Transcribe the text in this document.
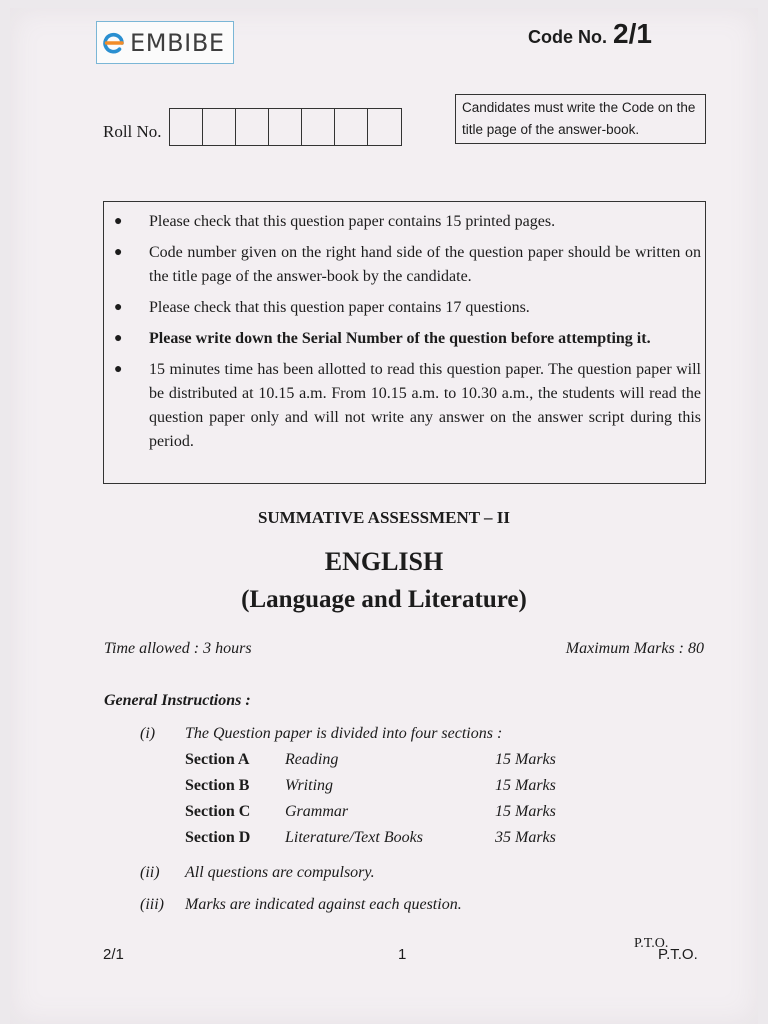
EMBIBE	Code No. 2/1
Roll No.
Candidates must write the Code on the title page of the answer-book.
●	Please check that this question paper contains 15 printed pages.
●	Code number given on the right hand side of the question paper should be written on the title page of the answer-book by the candidate.
●	Please check that this question paper contains 17 questions.
●	Please write down the Serial Number of the question before attempting it.
●	15 minutes time has been allotted to read this question paper. The question paper will be distributed at 10.15 a.m. From 10.15 a.m. to 10.30 a.m., the students will read the question paper only and will not write any answer on the answer script during this period.
SUMMATIVE ASSESSMENT – II
ENGLISH
(Language and Literature)
Time allowed : 3 hours	Maximum Marks : 80
General Instructions :
(i) The Question paper is divided into four sections :
Section A Reading	15 Marks
Section B Writing	15 Marks
Section C Grammar	15 Marks
Section D Literature/Text Books	35 Marks
(ii) All questions are compulsory.
(iii) Marks are indicated against each question.
2/1	1
P.T.O.
P.T.O.
